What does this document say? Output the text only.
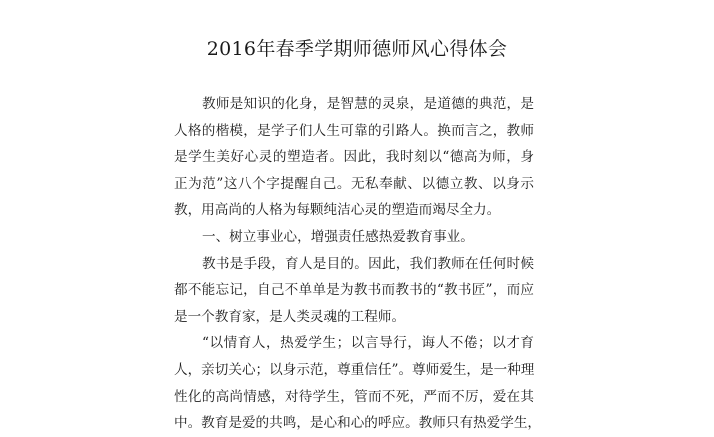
2016年春季学期师德师风心得体会
教师是知识的化身，是智慧的灵泉，是道德的典范，是
人格的楷模，是学子们人生可靠的引路人。换而言之，教师
是学生美好心灵的塑造者。因此，我时刻以“德高为师，身
正为范”这八个字提醒自己。无私奉献、以德立教、以身示
教，用高尚的人格为每颗纯洁心灵的塑造而竭尽全力。
一、树立事业心，增强责任感热爱教育事业。
教书是手段，育人是目的。因此，我们教师在任何时候
都不能忘记，自己不单单是为教书而教书的“教书匠”，而应
是一个教育家，是人类灵魂的工程师。
“以情育人，热爱学生；以言导行，诲人不倦；以才育
人，亲切关心；以身示范，尊重信任”。尊师爱生，是一种理
性化的高尚情感，对待学生，管而不死，严而不厉，爱在其
中。教育是爱的共鸣，是心和心的呼应。教师只有热爱学生，
